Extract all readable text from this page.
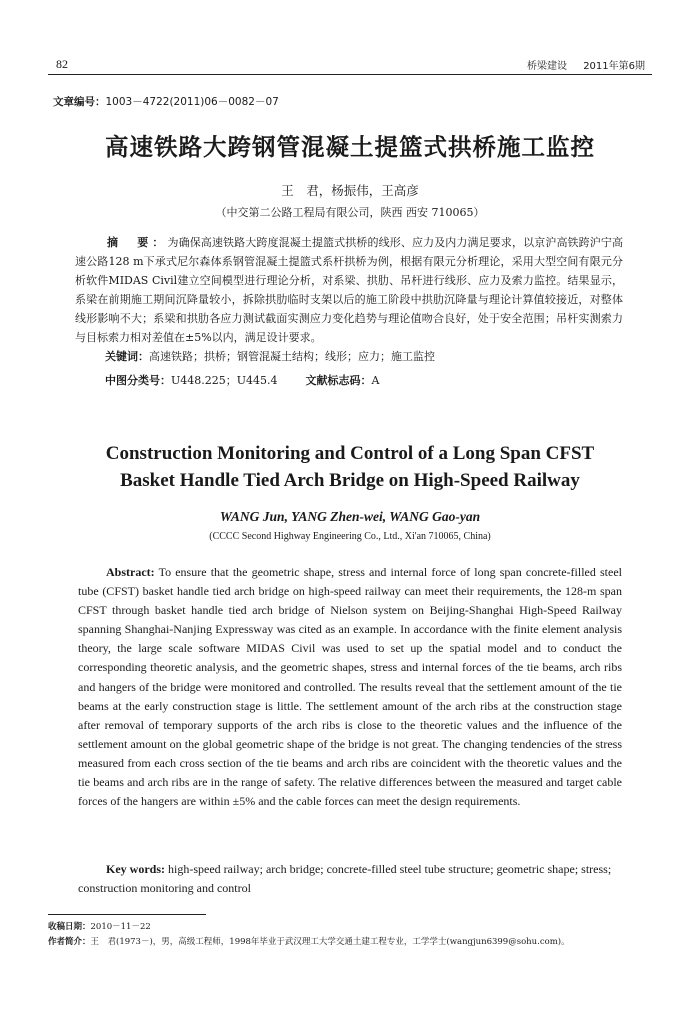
82	桥梁建设 2011年第6期
文章编号：1003－4722(2011)06－0082－07
高速铁路大跨钢管混凝土提篮式拱桥施工监控
王　君，杨振伟，王高彦
（中交第二公路工程局有限公司，陕西 西安 710065）
摘　要：为确保高速铁路大跨度混凝土提篮式拱桥的线形、应力及内力满足要求，以京沪高铁跨沪宁高速公路128 m下承式尼尔森体系钢管混凝土提篮式系杆拱桥为例，根据有限元分析理论，采用大型空间有限元分析软件MIDAS Civil建立空间模型进行理论分析，对系梁、拱肋、吊杆进行线形、应力及索力监控。结果显示，系梁在前期施工期间沉降量较小，拆除拱肋临时支架以后的施工阶段中拱肋沉降量与理论计算值较接近，对整体线形影响不大；系梁和拱肋各应力测试截面实测应力变化趋势与理论值吻合良好，处于安全范围；吊杆实测索力与目标索力相对差值在±5%以内，满足设计要求。
关键词：高速铁路；拱桥；钢管混凝土结构；线形；应力；施工监控
中图分类号：U448.225；U445.4	文献标志码：A
Construction Monitoring and Control of a Long Span CFST
Basket Handle Tied Arch Bridge on High-Speed Railway
WANG Jun, YANG Zhen-wei, WANG Gao-yan
(CCCC Second Highway Engineering Co., Ltd., Xi'an 710065, China)
Abstract: To ensure that the geometric shape, stress and internal force of long span concrete-filled steel tube (CFST) basket handle tied arch bridge on high-speed railway can meet their requirements, the 128-m span CFST through basket handle tied arch bridge of Nielson system on Beijing-Shanghai High-Speed Railway spanning Shanghai-Nanjing Expressway was cited as an example. In accordance with the finite element analysis theory, the large scale software MIDAS Civil was used to set up the spatial model and to conduct the corresponding theoretic analysis, and the geometric shapes, stress and internal forces of the tie beams, arch ribs and hangers of the bridge were monitored and controlled. The results reveal that the settlement amount of the tie beams at the early construction stage is little. The settlement amount of the arch ribs at the construction stage after removal of temporary supports of the arch ribs is close to the theoretic values and the influence of the settlement amount on the global geometric shape of the bridge is not great. The changing tendencies of the stress measured from each cross section of the tie beams and arch ribs are coincident with the theoretic values and the tie beams and arch ribs are in the range of safety. The relative differences between the measured and target cable forces of the hangers are within ±5% and the cable forces can meet the design requirements.
Key words: high-speed railway; arch bridge; concrete-filled steel tube structure; geometric shape; stress; construction monitoring and control
收稿日期：2010－11－22
作者简介：王　君(1973－)，男，高级工程师，1998年毕业于武汉理工大学交通土建工程专业，工学学士(wangjun6399@sohu.com)。
